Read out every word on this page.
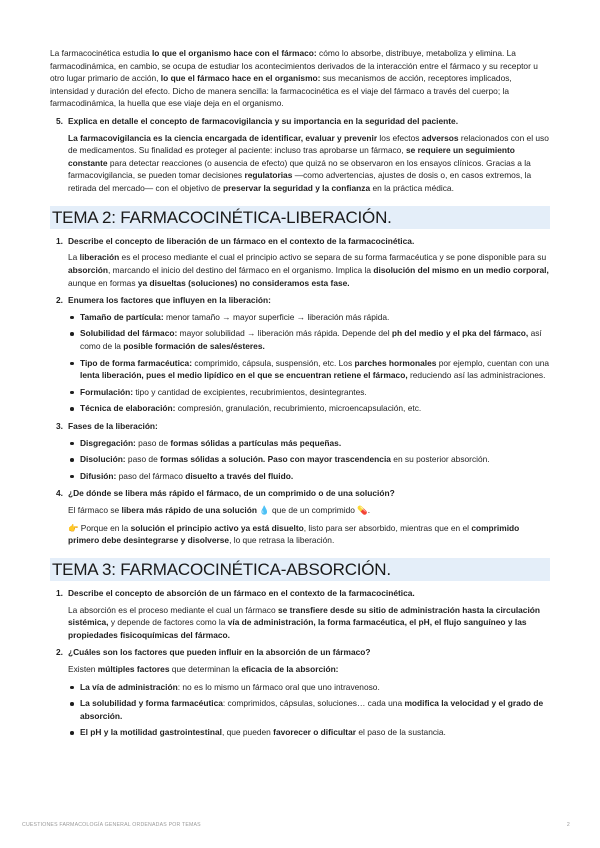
La farmacocinética estudia lo que el organismo hace con el fármaco: cómo lo absorbe, distribuye, metaboliza y elimina. La farmacodinámica, en cambio, se ocupa de estudiar los acontecimientos derivados de la interacción entre el fármaco y su receptor u otro lugar primario de acción, lo que el fármaco hace en el organismo: sus mecanismos de acción, receptores implicados, intensidad y duración del efecto. Dicho de manera sencilla: la farmacocinética es el viaje del fármaco a través del cuerpo; la farmacodinámica, la huella que ese viaje deja en el organismo.

5. Explica en detalle el concepto de farmacovigilancia y su importancia en la seguridad del paciente.

La farmacovigilancia es la ciencia encargada de identificar, evaluar y prevenir los efectos adversos relacionados con el uso de medicamentos. Su finalidad es proteger al paciente: incluso tras aprobarse un fármaco, se requiere un seguimiento constante para detectar reacciones (o ausencia de efecto) que quizá no se observaron en los ensayos clínicos. Gracias a la farmacovigilancia, se pueden tomar decisiones regulatorias —como advertencias, ajustes de dosis o, en casos extremos, la retirada del mercado— con el objetivo de preservar la seguridad y la confianza en la práctica médica.

TEMA 2: FARMACOCINÉTICA-LIBERACIÓN.
1. Describe el concepto de liberación de un fármaco en el contexto de la farmacocinética.

La liberación es el proceso mediante el cual el principio activo se separa de su forma farmacéutica y se pone disponible para su absorción, marcando el inicio del destino del fármaco en el organismo. Implica la disolución del mismo en un medio corporal, aunque en formas ya disueltas (soluciones) no consideramos esta fase.

2. Enumera los factores que influyen en la liberación:
Tamaño de partícula: menor tamaño → mayor superficie → liberación más rápida.
Solubilidad del fármaco: mayor solubilidad → liberación más rápida. Depende del ph del medio y el pka del fármaco, así como de la posible formación de sales/ésteres.
Tipo de forma farmacéutica: comprimido, cápsula, suspensión, etc. Los parches hormonales por ejemplo, cuentan con una lenta liberación, pues el medio lipídico en el que se encuentran retiene el fármaco, reduciendo así las administraciones.
Formulación: tipo y cantidad de excipientes, recubrimientos, desintegrantes.
Técnica de elaboración: compresión, granulación, recubrimiento, microencapsulación, etc.
3. Fases de la liberación:
Disgregación: paso de formas sólidas a partículas más pequeñas.
Disolución: paso de formas sólidas a solución. Paso con mayor trascendencia en su posterior absorción.
Difusión: paso del fármaco disuelto a través del fluido.
4. ¿De dónde se libera más rápido el fármaco, de un comprimido o de una solución?

El fármaco se libera más rápido de una solución 💧 que de un comprimido 💊.

👉 Porque en la solución el principio activo ya está disuelto, listo para ser absorbido, mientras que en el comprimido primero debe desintegrarse y disolverse, lo que retrasa la liberación.

TEMA 3: FARMACOCINÉTICA-ABSORCIÓN.
1. Describe el concepto de absorción de un fármaco en el contexto de la farmacocinética.

La absorción es el proceso mediante el cual un fármaco se transfiere desde su sitio de administración hasta la circulación sistémica, y depende de factores como la vía de administración, la forma farmacéutica, el pH, el flujo sanguíneo y las propiedades fisicoquímicas del fármaco.

2. ¿Cuáles son los factores que pueden influir en la absorción de un fármaco?

Existen múltiples factores que determinan la eficacia de la absorción:

La vía de administración: no es lo mismo un fármaco oral que uno intravenoso.
La solubilidad y forma farmacéutica: comprimidos, cápsulas, soluciones… cada una modifica la velocidad y el grado de absorción.
El pH y la motilidad gastrointestinal, que pueden favorecer o dificultar el paso de la sustancia.
CUESTIONES FARMACOLOGÍA GENERAL ORDENADAS POR TEMAS	2
